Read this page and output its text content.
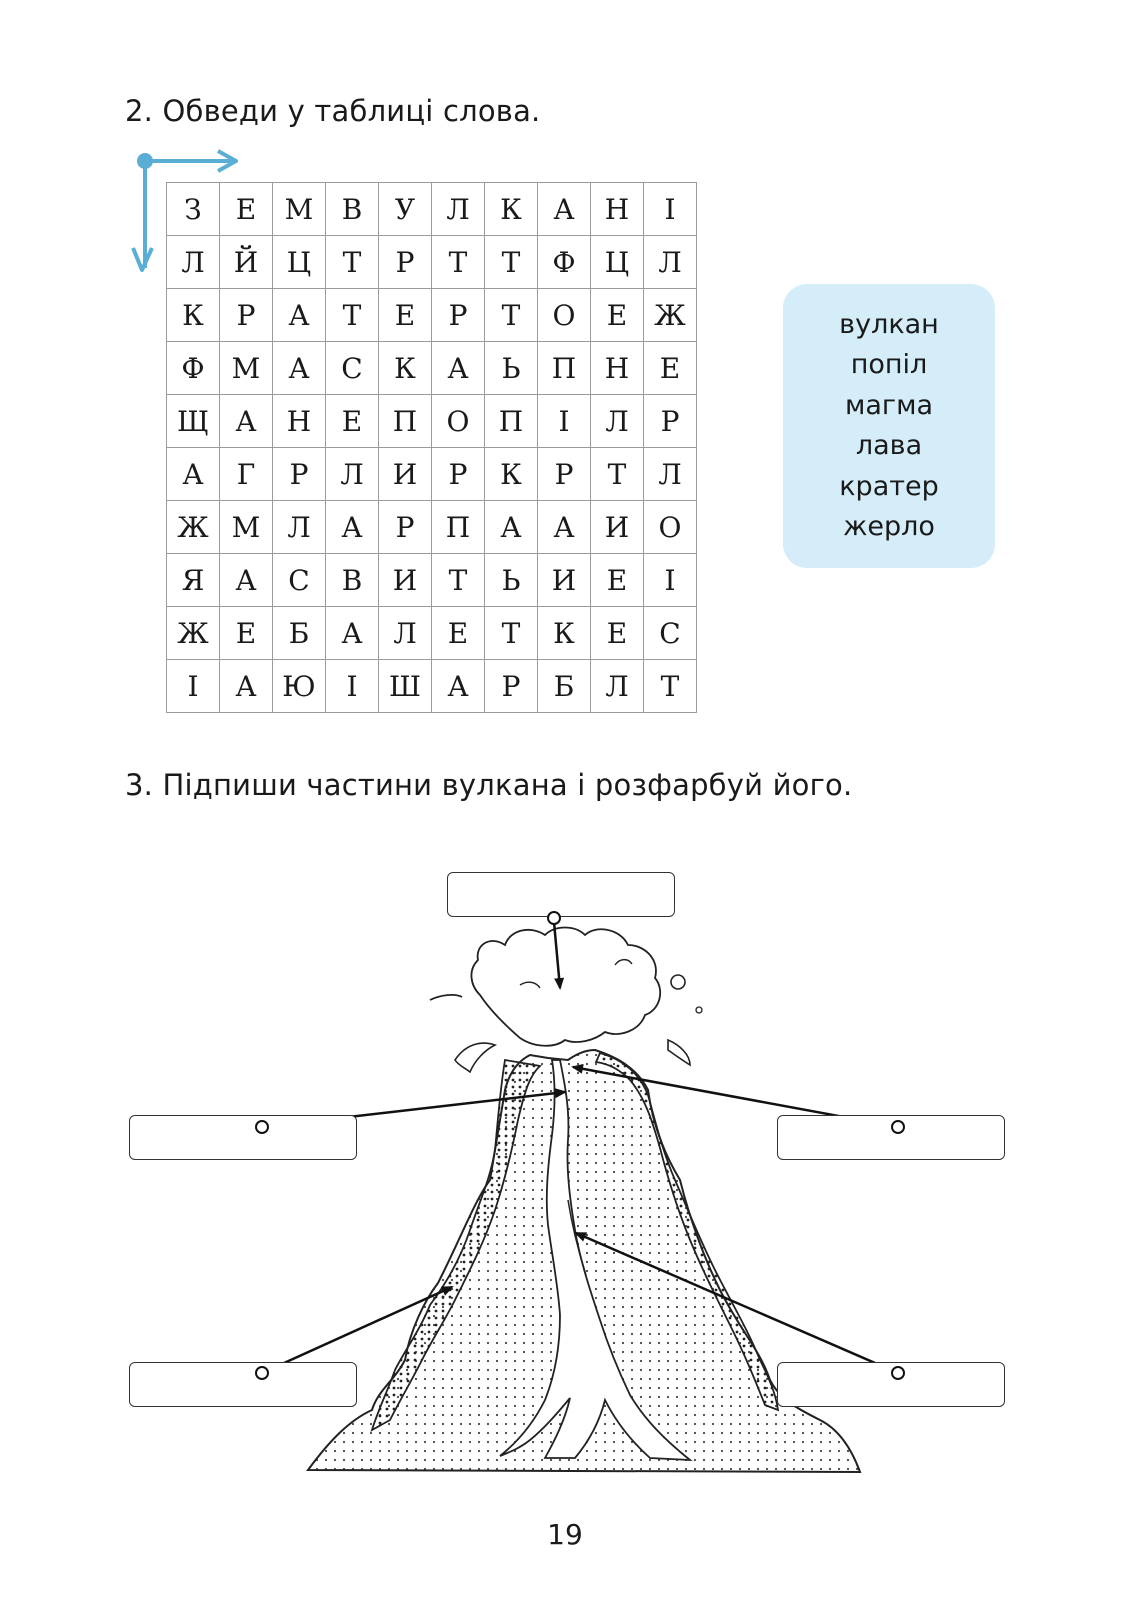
2. Обведи у таблиці слова.
З	Е	М	В	У	Л	К	А	Н	І
Л	Й	Ц	Т	Р	Т	Т	Ф	Ц	Л
К	Р	А	Т	Е	Р	Т	О	Е	Ж
Ф	М	А	С	К	А	Ь	П	Н	Е
Щ	А	Н	Е	П	О	П	І	Л	Р
А	Г	Р	Л	И	Р	К	Р	Т	Л
Ж	М	Л	А	Р	П	А	А	И	О
Я	А	С	В	И	Т	Ь	И	Е	І
Ж	Е	Б	А	Л	Е	Т	К	Е	С
І	А	Ю	І	Ш	А	Р	Б	Л	Т
вулкан
попіл
магма
лава
кратер
жерло
3. Підпиши частини вулкана і розфарбуй його.
19
